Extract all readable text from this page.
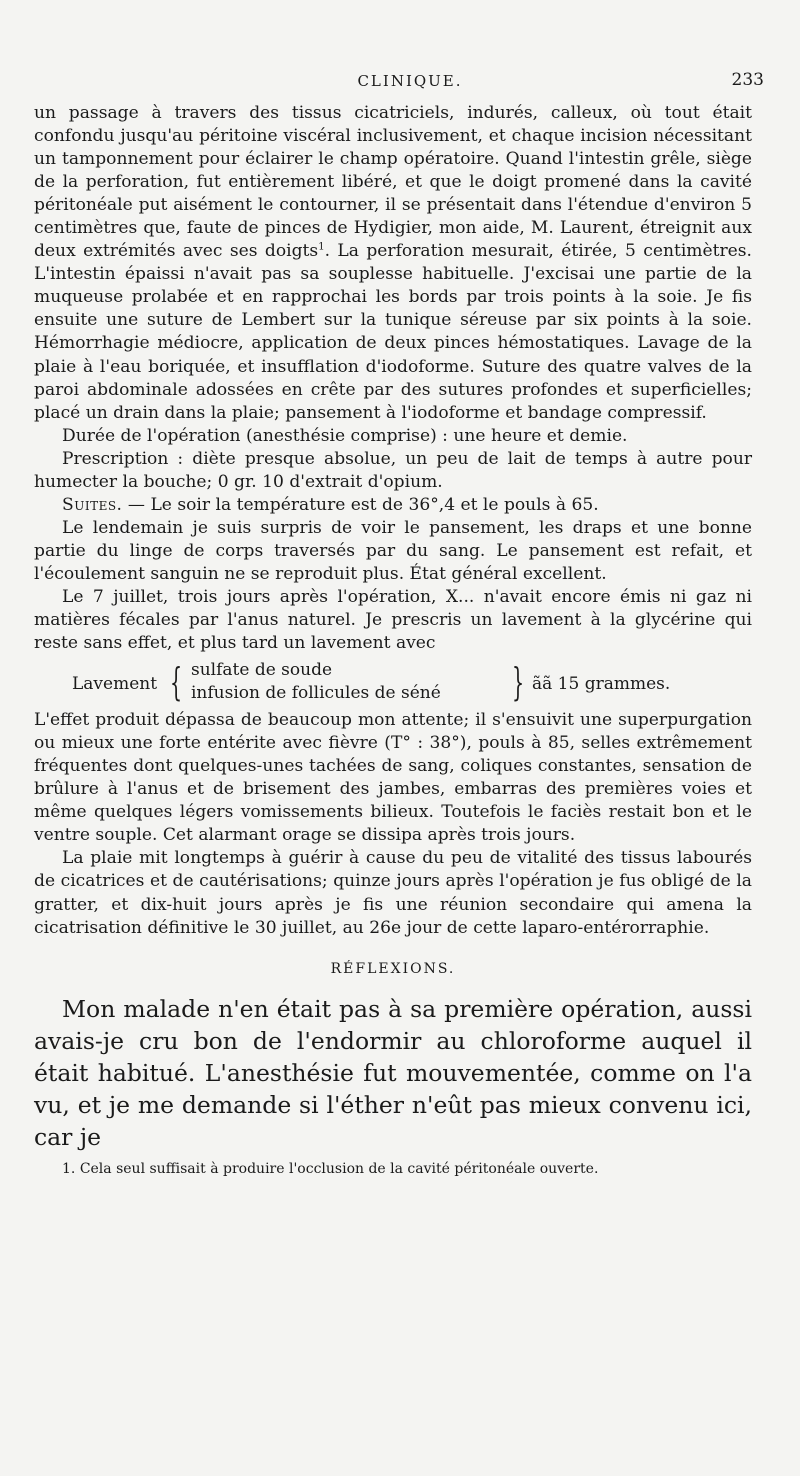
CLINIQUE.	233

un passage à travers des tissus cicatriciels, indurés, calleux, où tout était confondu jusqu'au péritoine viscéral inclusivement, et chaque incision nécessitant un tamponnement pour éclairer le champ opératoire. Quand l'intestin grêle, siège de la perforation, fut entièrement libéré, et que le doigt promené dans la cavité péritonéale put aisément le contourner, il se présentait dans l'étendue d'environ 5 centimètres que, faute de pinces de Hydigier, mon aide, M. Laurent, étreignit aux deux extrémités avec ses doigts$^1$. La perforation mesurait, étirée, 5 centimètres. L'intestin épaissi n'avait pas sa souplesse habituelle. J'excisai une partie de la muqueuse prolabée et en rapprochai les bords par trois points à la soie. Je fis ensuite une suture de Lembert sur la tunique séreuse par six points à la soie. Hémorrhagie médiocre, application de deux pinces hémostatiques. Lavage de la plaie à l'eau boriquée, et insufflation d'iodoforme. Suture des quatre valves de la paroi abdominale adossées en crête par des sutures profondes et superficielles; placé un drain dans la plaie; pansement à l'iodoforme et bandage compressif.

Durée de l'opération (anesthésie comprise) : une heure et demie.

Prescription : diète presque absolue, un peu de lait de temps à autre pour humecter la bouche; 0 gr. 10 d'extrait d'opium.

Suites. — Le soir la température est de 36°,4 et le pouls à 65.

Le lendemain je suis surpris de voir le pansement, les draps et une bonne partie du linge de corps traversés par du sang. Le pansement est refait, et l'écoulement sanguin ne se reproduit plus. État général excellent.

Le 7 juillet, trois jours après l'opération, X... n'avait encore émis ni gaz ni matières fécales par l'anus naturel. Je prescris un lavement à la glycérine qui reste sans effet, et plus tard un lavement avec

Lavement { sulfate de soude
infusion de follicules de séné } ãã 15 grammes.

L'effet produit dépassa de beaucoup mon attente; il s'ensuivit une superpurgation ou mieux une forte entérite avec fièvre (T° : 38°), pouls à 85, selles extrêmement fréquentes dont quelques-unes tachées de sang, coliques constantes, sensation de brûlure à l'anus et de brisement des jambes, embarras des premières voies et même quelques légers vomissements bilieux. Toutefois le faciès restait bon et le ventre souple. Cet alarmant orage se dissipa après trois jours.

La plaie mit longtemps à guérir à cause du peu de vitalité des tissus labourés de cicatrices et de cautérisations; quinze jours après l'opération je fus obligé de la gratter, et dix-huit jours après je fis une réunion secondaire qui amena la cicatrisation définitive le 30 juillet, au 26e jour de cette laparo-entérorraphie.

RÉFLEXIONS.

Mon malade n'en était pas à sa première opération, aussi avais-je cru bon de l'endormir au chloroforme auquel il était habitué. L'anesthésie fut mouvementée, comme on l'a vu, et je me demande si l'éther n'eût pas mieux convenu ici, car je

1. Cela seul suffisait à produire l'occlusion de la cavité péritonéale ouverte.
